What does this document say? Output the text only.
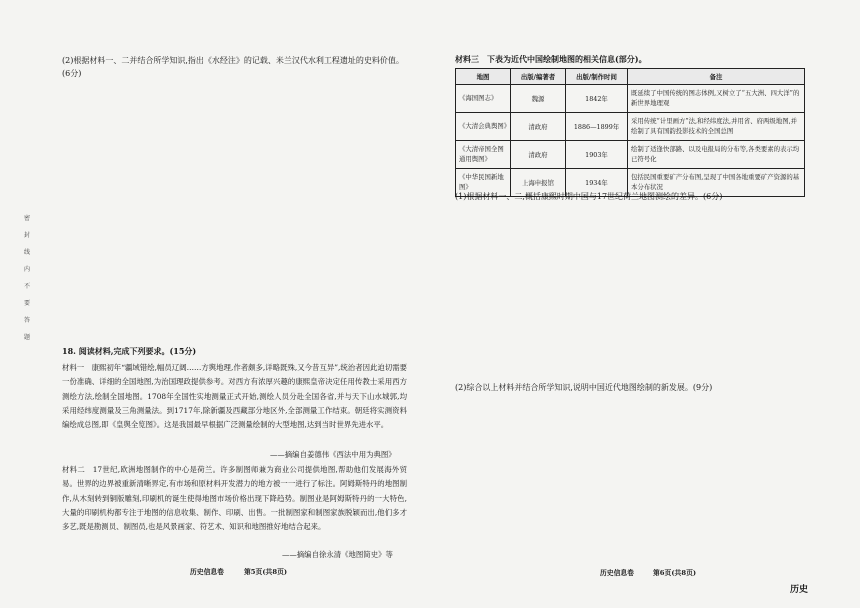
密
封
线
内
不
要
答
题
(2)根据材料一、二并结合所学知识,指出《水经注》的记载、米兰汉代水利工程遗址的史料价值。
(6分)
18. 阅读材料,完成下列要求。(15分)
材料一　康熙初年“疆域错绘,幅员辽阔……方舆地理,作者颇多,详略既殊,又今昔互异”,统治者因此迫切需要一份准确、详细的全国地图,为治国理政提供参考。对西方有浓厚兴趣的康熙皇帝决定任用传教士采用西方测绘方法,绘制全国地图。1708年全国性实地测量正式开始,测绘人员分赴全国各省,并与天下山水城郭,均采用经纬度测量及三角测量法。到1717年,除新疆及西藏部分地区外,全部测量工作结束。朝廷将实测资料编绘成总图,即《皇舆全览图》。这是我国最早根据广泛测量绘制的大型地图,达到当时世界先进水平。
——摘编自姜德伟《西法中用为典图》
材料二　17世纪,欧洲地图制作的中心是荷兰。许多制图师兼为商业公司提供地图,帮助他们发展海外贸易。世界的边界被重新清晰界定,有市场和原材料开发潜力的地方被一一进行了标注。阿姆斯特丹的地图制作,从木刻转到铜版雕刻,印刷机的诞生使得地图市场价格出现下降趋势。制图业是阿姆斯特丹的一大特色,大量的印刷机构都专注于地图的信息收集、制作、印刷、出售。一批制图家和制图家族脱颖而出,他们多才多艺,既是勘测员、制图员,也是风景画家、符艺术、知识和地图推好地结合起来。
——摘编自徐永清《地图简史》等
历史信息卷	第5页(共8页)
材料三　下表为近代中国绘制地图的相关信息(部分)。
地图	出版/编著者	出版/制作时间	备注
《海国图志》	魏源	1842年	既延续了中国传统的图志体例,又树立了“五大洲、四大洋”的新世界地理观
《大清会典舆图》	清政府	1886—1899年	采用传统“计里画方”法,和经纬度法,并用省、府两级地图,并绘制了具有国韵投影技术的全国总图
《大清帝国全图通用舆图》	清政府	1903年	绘制了适逢快部路、以及电报局的分布等,各类要素的表示均已符号化
《中华民国新地图》	上海申报馆	1934年	包括民国重要矿产分布图,呈现了中国各地重要矿产资源的基本分布状况
(1)根据材料一、二,概括康熙时期中国与17世纪荷兰地图测绘的差异。(6分)
(2)综合以上材料并结合所学知识,说明中国近代地图绘制的新发展。(9分)
历史信息卷	第6页(共8页)
历史
